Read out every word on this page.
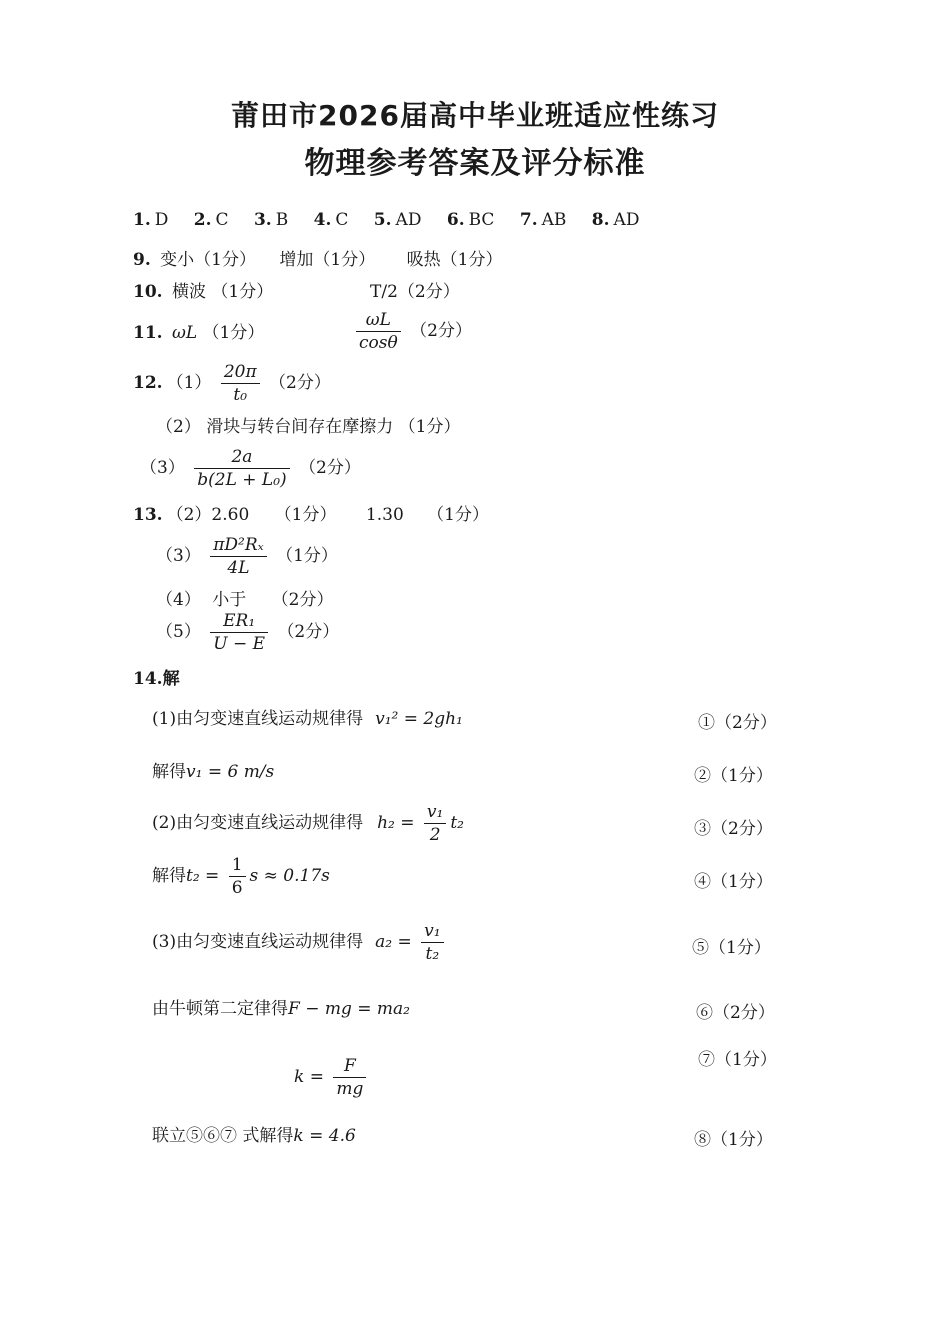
莆田市2026届高中毕业班适应性练习
物理参考答案及评分标准
1. D 2. C 3. B 4. C 5. AD 6. BC 7. AB 8. AD
9. 变小（1分） 增加（1分） 吸热（1分）
10. 横波 （1分）	T/2（2分）
11. ωL （1分）	$\frac{\omega L}{\cos\theta} (2$分）
12. $(1) \frac{20\pi}{\text{t₀}} (2$分）
（2） 滑块与转台间存在摩擦力 （1分）
$(3) \frac{2a}{\text{b(2L + L₀)}} (2$分）
13. （2）2.60 （1分） 1.30 （1分）
$(3) \frac{\text{πD²Rₓ}}{4L} (1$分）
（4） 小于 （2分）
$(5) \frac{\text{ER₁}}{U - E} (2$分）
14.解
(1)由匀变速直线运动规律得 v₁² = 2gh₁	①（2分）
解得v₁ = 6 m/s	②（1分）
(2)由匀变速直线运动规律得 $h_2 = \frac{\text{v₁}}{2} t_2$	③（2分）
解得$t_2 = \frac{1}{6}$ s ≈ 0.17s	④（1分）
(3)由匀变速直线运动规律得 $a_2 = \frac{\text{v₁}}{\text{t₂}}$	⑤（1分）
由牛顿第二定律得F − mg = ma₂	⑥（2分）
$k = \frac{F}{mg}$	⑦（1分）
联立⑤⑥⑦ 式解得k = 4.6	⑧（1分）
